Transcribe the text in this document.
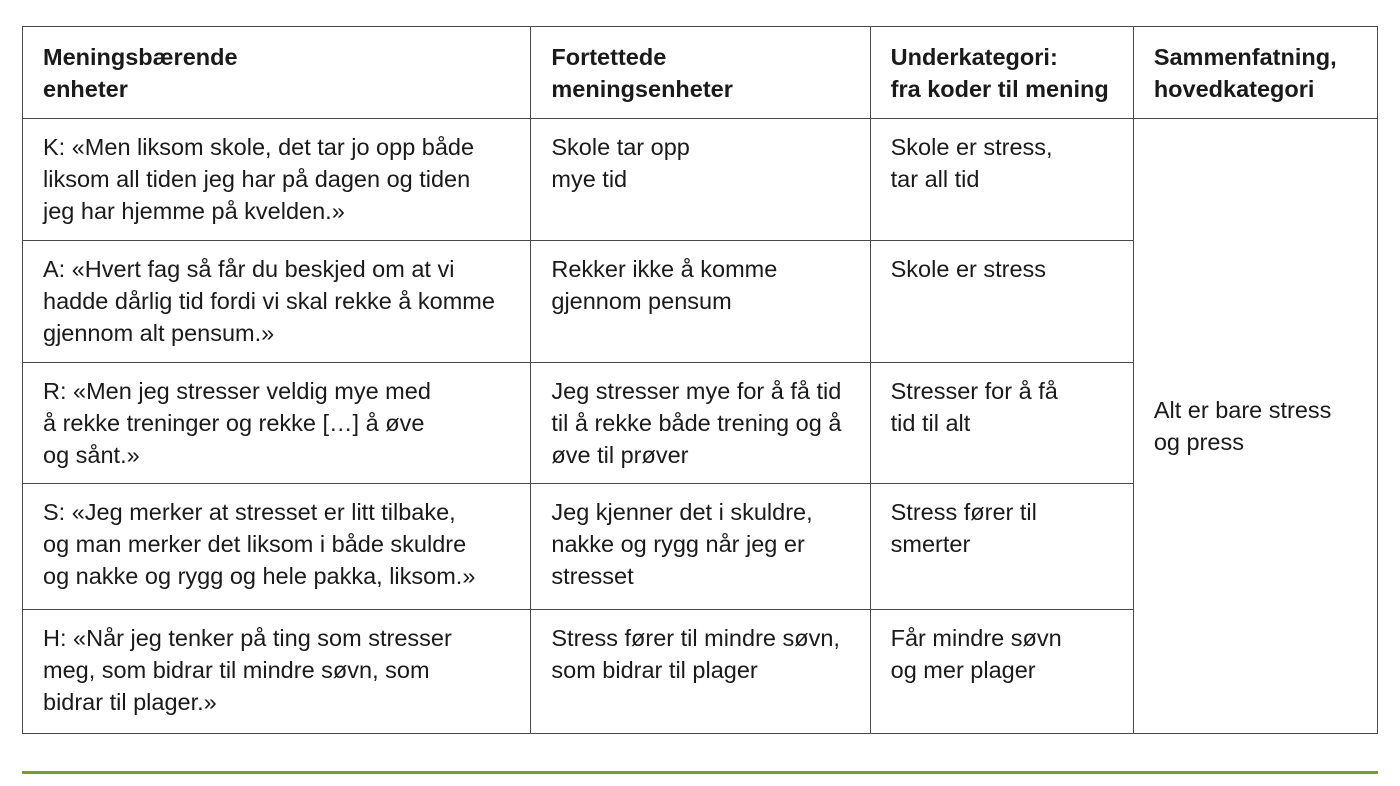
Meningsbærende
enheter	Fortettede
meningsenheter	Underkategori:
fra koder til mening	Sammenfatning,
hovedkategori
K: «Men liksom skole, det tar jo opp både
liksom all tiden jeg har på dagen og tiden
jeg har hjemme på kvelden.»	Skole tar opp
mye tid	Skole er stress,
tar all tid	Alt er bare stress
og press
A: «Hvert fag så får du beskjed om at vi
hadde dårlig tid fordi vi skal rekke å komme
gjennom alt pensum.»	Rekker ikke å komme
gjennom pensum	Skole er stress	
R: «Men jeg stresser veldig mye med
å rekke treninger og rekke […] å øve
og sånt.»	Jeg stresser mye for å få tid
til å rekke både trening og å
øve til prøver	Stresser for å få
tid til alt	
S: «Jeg merker at stresset er litt tilbake,
og man merker det liksom i både skuldre
og nakke og rygg og hele pakka, liksom.»	Jeg kjenner det i skuldre,
nakke og rygg når jeg er
stresset	Stress fører til
smerter	
H: «Når jeg tenker på ting som stresser
meg, som bidrar til mindre søvn, som
bidrar til plager.»	Stress fører til mindre søvn,
som bidrar til plager	Får mindre søvn
og mer plager	
